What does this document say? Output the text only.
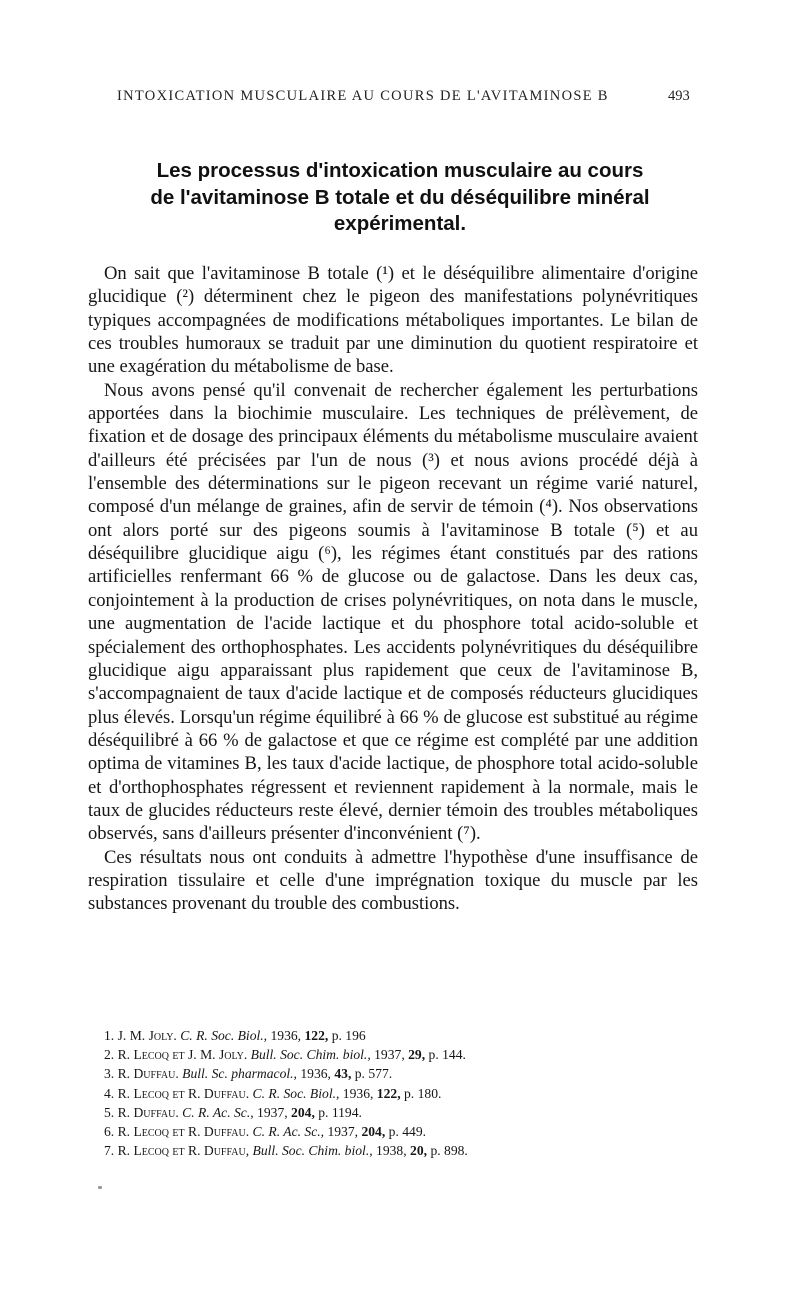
INTOXICATION MUSCULAIRE AU COURS DE L'AVITAMINOSE B	493
Les processus d'intoxication musculaire au cours
de l'avitaminose B totale et du déséquilibre minéral
expérimental.

On sait que l'avitaminose B totale (¹) et le déséquilibre alimentaire d'origine glucidique (²) déterminent chez le pigeon des manifestations polynévritiques typiques accompagnées de modifications métaboliques importantes. Le bilan de ces troubles humoraux se traduit par une diminution du quotient respiratoire et une exagération du métabolisme de base.

Nous avons pensé qu'il convenait de rechercher également les perturbations apportées dans la biochimie musculaire. Les techniques de prélèvement, de fixation et de dosage des principaux éléments du métabolisme musculaire avaient d'ailleurs été précisées par l'un de nous (³) et nous avions procédé déjà à l'ensemble des déterminations sur le pigeon recevant un régime varié naturel, composé d'un mélange de graines, afin de servir de témoin (⁴). Nos observations ont alors porté sur des pigeons soumis à l'avitaminose B totale (⁵) et au déséquilibre glucidique aigu (⁶), les régimes étant constitués par des rations artificielles renfermant 66 % de glucose ou de galactose. Dans les deux cas, conjointement à la production de crises polynévritiques, on nota dans le muscle, une augmentation de l'acide lactique et du phosphore total acido-soluble et spécialement des orthophosphates. Les accidents polynévritiques du déséquilibre glucidique aigu apparaissant plus rapidement que ceux de l'avitaminose B, s'accompagnaient de taux d'acide lactique et de composés réducteurs glucidiques plus élevés. Lorsqu'un régime équilibré à 66 % de glucose est substitué au régime déséquilibré à 66 % de galactose et que ce régime est complété par une addition optima de vitamines B, les taux d'acide lactique, de phosphore total acido-soluble et d'orthophosphates régressent et reviennent rapidement à la normale, mais le taux de glucides réducteurs reste élevé, dernier témoin des troubles métaboliques observés, sans d'ailleurs présenter d'inconvénient (⁷).

Ces résultats nous ont conduits à admettre l'hypothèse d'une insuffisance de respiration tissulaire et celle d'une imprégnation toxique du muscle par les substances provenant du trouble des combustions.

1. J. M. Joly. C. R. Soc. Biol., 1936, 122, p. 196
2. R. Lecoq et J. M. Joly. Bull. Soc. Chim. biol., 1937, 29, p. 144.
3. R. Duffau. Bull. Sc. pharmacol., 1936, 43, p. 577.
4. R. Lecoq et R. Duffau. C. R. Soc. Biol., 1936, 122, p. 180.
5. R. Duffau. C. R. Ac. Sc., 1937, 204, p. 1194.
6. R. Lecoq et R. Duffau. C. R. Ac. Sc., 1937, 204, p. 449.
7. R. Lecoq et R. Duffau, Bull. Soc. Chim. biol., 1938, 20, p. 898.
